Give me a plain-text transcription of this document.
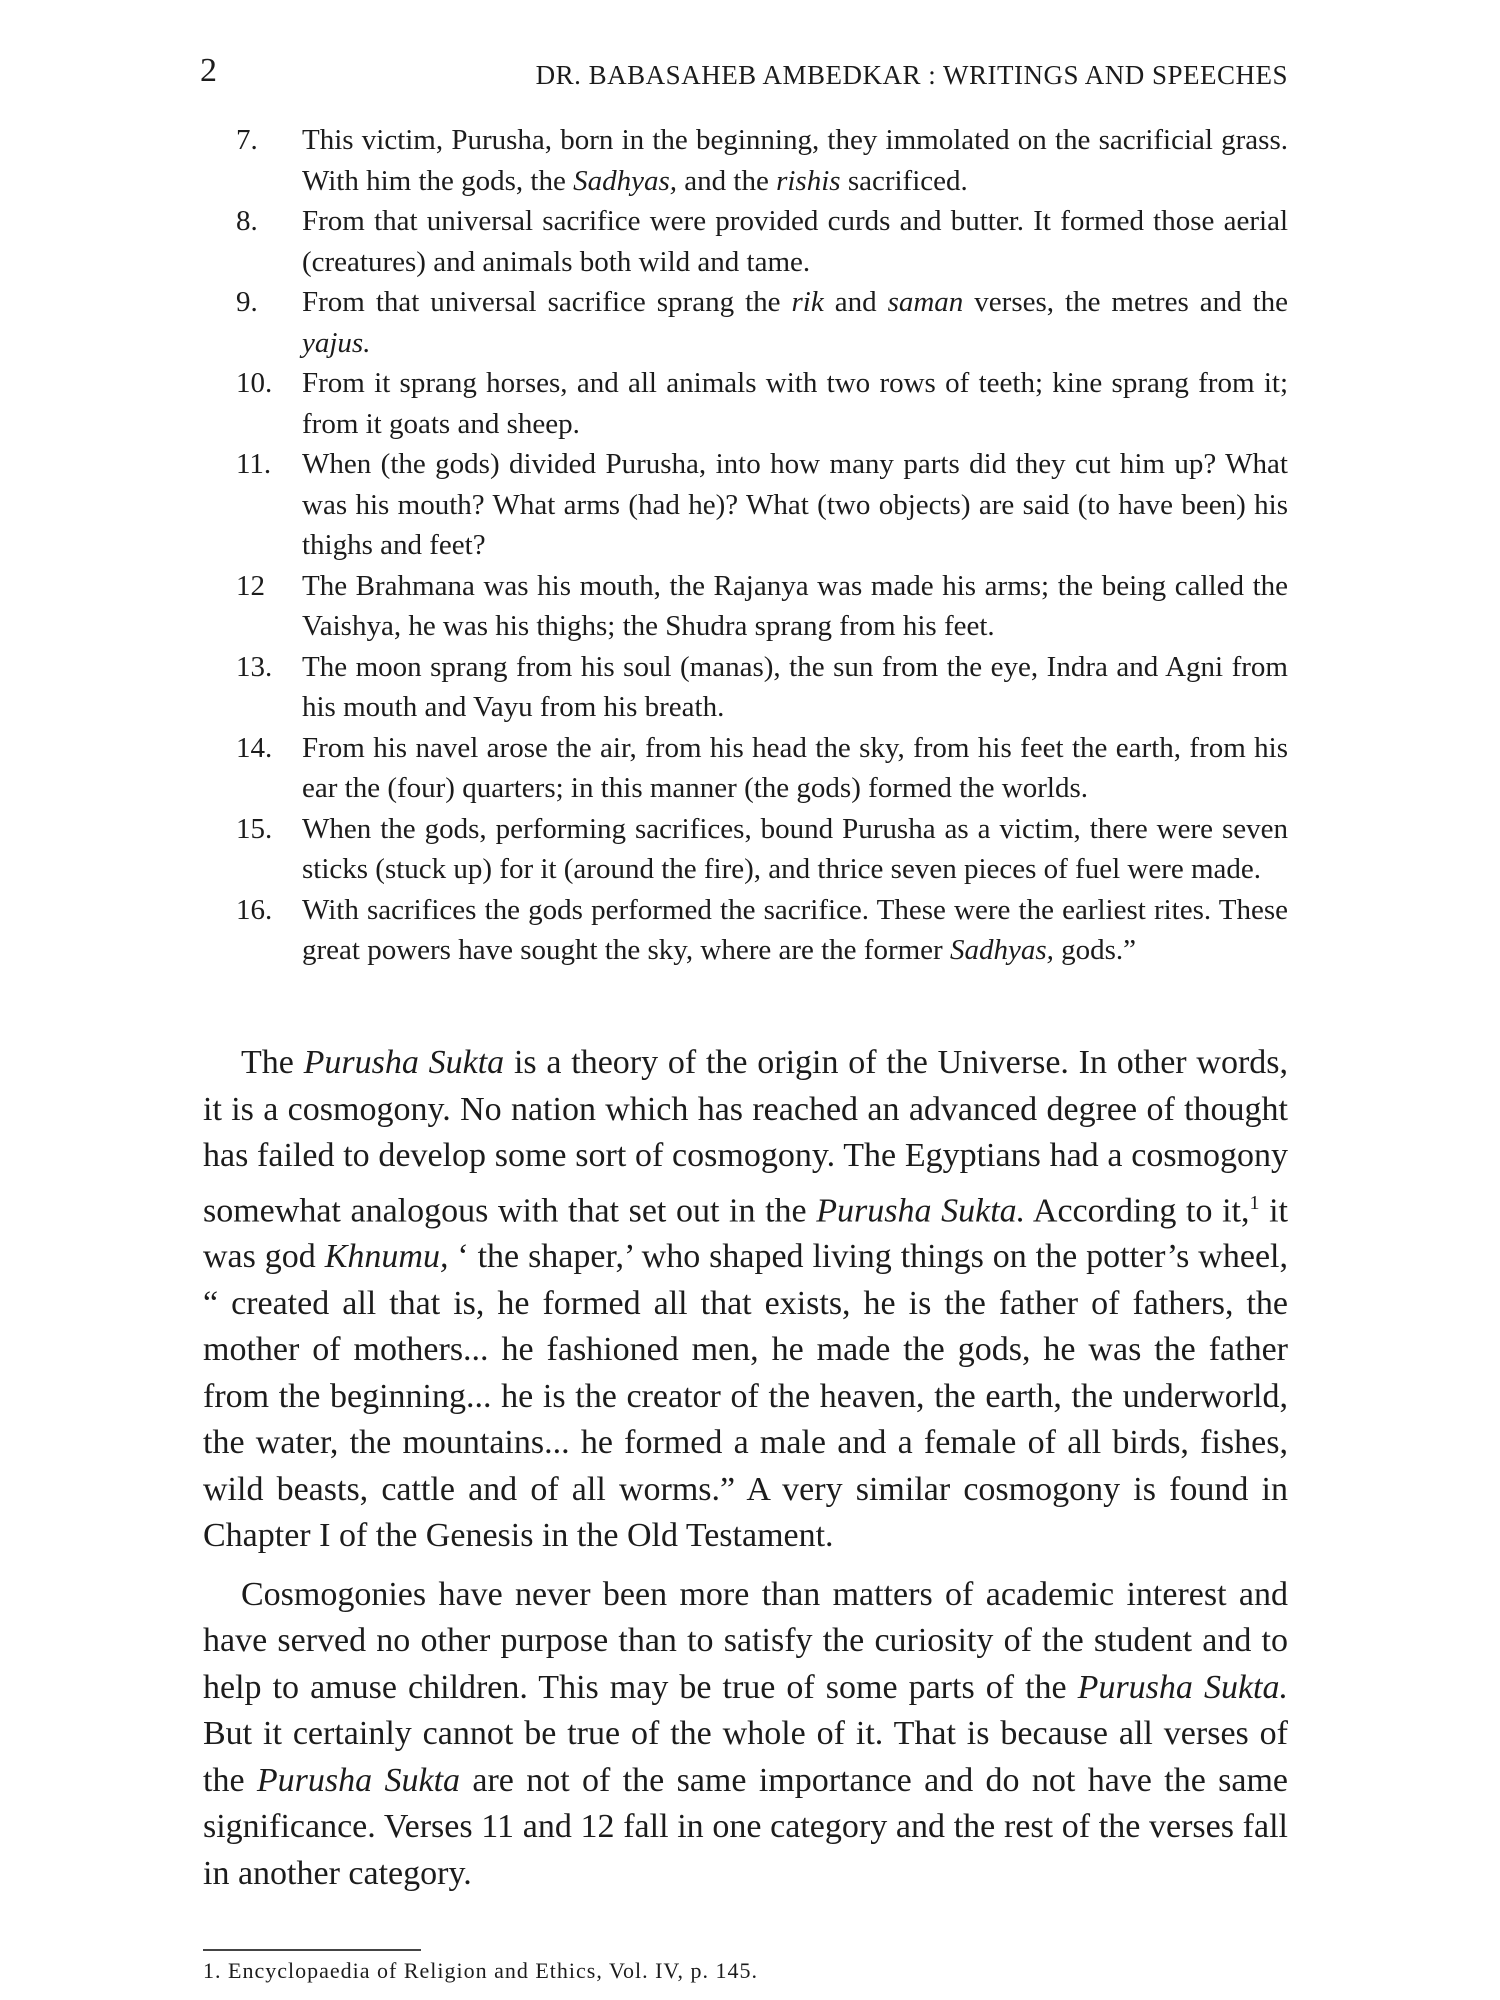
2	DR. BABASAHEB AMBEDKAR : WRITINGS AND SPEECHES
7. This victim, Purusha, born in the beginning, they immolated on the sacrificial grass. With him the gods, the Sadhyas, and the rishis sacrificed.
8. From that universal sacrifice were provided curds and butter. It formed those aerial (creatures) and animals both wild and tame.
9. From that universal sacrifice sprang the rik and saman verses, the metres and the yajus.
10. From it sprang horses, and all animals with two rows of teeth; kine sprang from it; from it goats and sheep.
11. When (the gods) divided Purusha, into how many parts did they cut him up? What was his mouth? What arms (had he)? What (two objects) are said (to have been) his thighs and feet?
12 The Brahmana was his mouth, the Rajanya was made his arms; the being called the Vaishya, he was his thighs; the Shudra sprang from his feet.
13. The moon sprang from his soul (manas), the sun from the eye, Indra and Agni from his mouth and Vayu from his breath.
14. From his navel arose the air, from his head the sky, from his feet the earth, from his ear the (four) quarters; in this manner (the gods) formed the worlds.
15. When the gods, performing sacrifices, bound Purusha as a victim, there were seven sticks (stuck up) for it (around the fire), and thrice seven pieces of fuel were made.
16. With sacrifices the gods performed the sacrifice. These were the earliest rites. These great powers have sought the sky, where are the former Sadhyas, gods.”

The Purusha Sukta is a theory of the origin of the Universe. In other words, it is a cosmogony. No nation which has reached an advanced degree of thought has failed to develop some sort of cosmogony. The Egyptians had a cosmogony somewhat analogous with that set out in the Purusha Sukta. According to it,$^1$ it was god Khnumu, ‘ the shaper,’ who shaped living things on the potter’s wheel, “ created all that is, he formed all that exists, he is the father of fathers, the mother of mothers... he fashioned men, he made the gods, he was the father from the beginning... he is the creator of the heaven, the earth, the underworld, the water, the mountains... he formed a male and a female of all birds, fishes, wild beasts, cattle and of all worms.” A very similar cosmogony is found in Chapter I of the Genesis in the Old Testament.

Cosmogonies have never been more than matters of academic interest and have served no other purpose than to satisfy the curiosity of the student and to help to amuse children. This may be true of some parts of the Purusha Sukta. But it certainly cannot be true of the whole of it. That is because all verses of the Purusha Sukta are not of the same importance and do not have the same significance. Verses 11 and 12 fall in one category and the rest of the verses fall in another category.

1. Encyclopaedia of Religion and Ethics, Vol. IV, p. 145.
